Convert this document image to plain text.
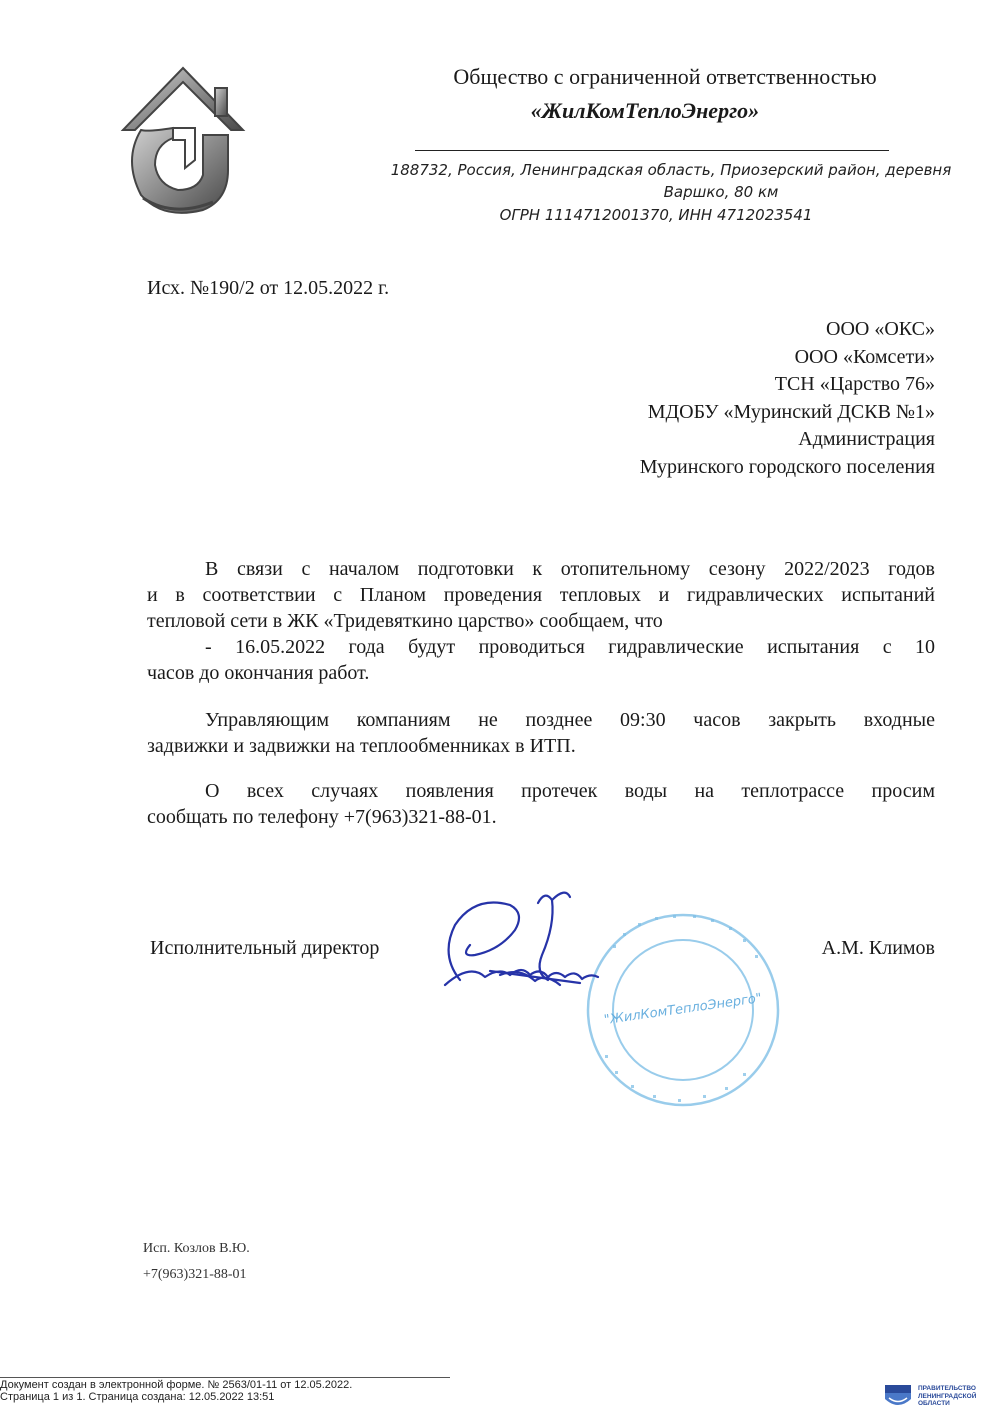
Общество с ограниченной ответственностью
«ЖилКомТеплоЭнерго»
188732, Россия, Ленинградская область, Приозерский район, деревня
Варшко, 80 км
ОГРН 1114712001370, ИНН 4712023541
Исх. №190/2 от 12.05.2022 г.
ООО «ОКС»
ООО «Комсети»
ТСН «Царство 76»
МДОБУ «Муринский ДСКВ №1»
Администрация
Муринского городского поселения
В связи с началом подготовки к отопительному сезону 2022/2023 годов
и в соответствии с Планом проведения тепловых и гидравлических испытаний
тепловой сети в ЖК «Тридевяткино царство» сообщаем, что
- 16.05.2022 года будут проводиться гидравлические испытания с 10
часов до окончания работ.
Управляющим компаниям не позднее 09:30 часов закрыть входные
задвижки и задвижки на теплообменниках в ИТП.
О всех случаях появления протечек воды на теплотрассе просим
сообщать по телефону +7(963)321-88-01.
Исполнительный директор	А.М. Климов
"ЖилКомТеплоЭнерго"
Исп. Козлов В.Ю.
+7(963)321-88-01
Документ создан в электронной форме. № 2563/01-11 от 12.05.2022.
Страница 1 из 1. Страница создана: 12.05.2022 13:51
ПРАВИТЕЛЬСТВО
ЛЕНИНГРАДСКОЙ
ОБЛАСТИ
